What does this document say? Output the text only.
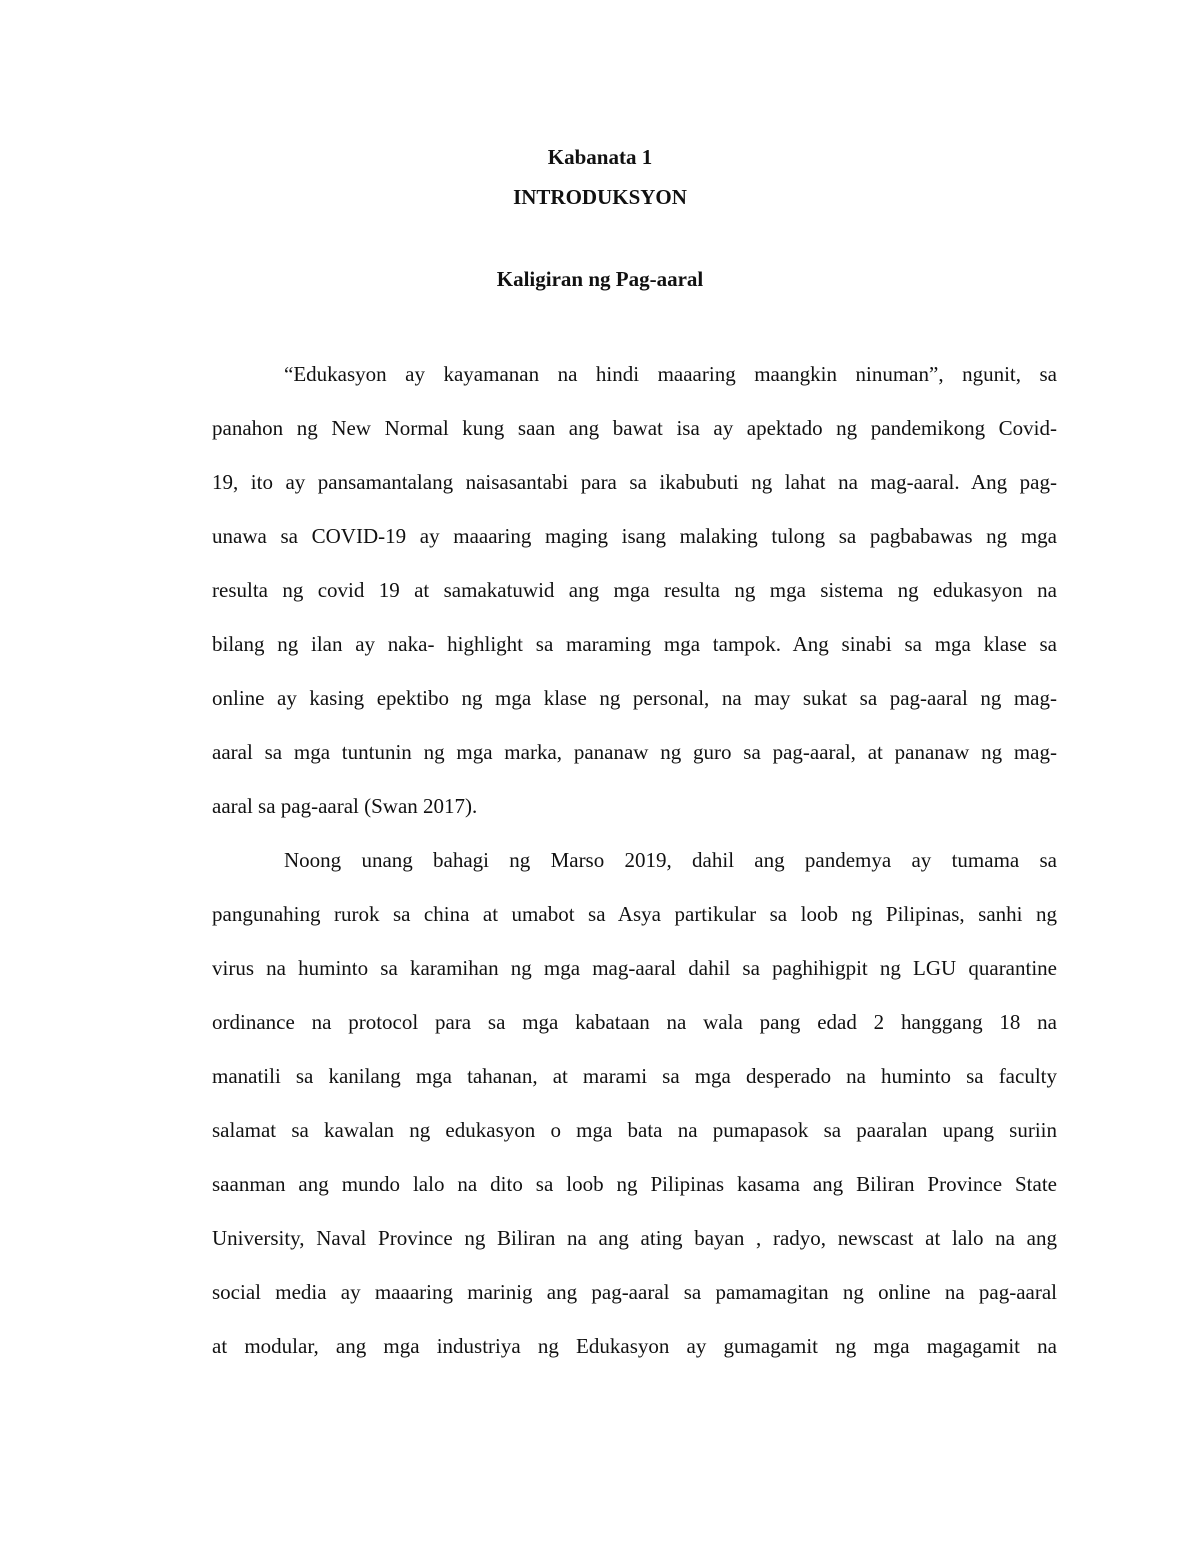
Kabanata 1
INTRODUKSYON
Kaligiran ng Pag-aaral
“Edukasyon ay kayamanan na hindi maaaring maangkin ninuman”, ngunit, sa
panahon ng New Normal kung saan ang bawat isa ay apektado ng pandemikong Covid-
19, ito ay pansamantalang naisasantabi para sa ikabubuti ng lahat na mag-aaral. Ang pag-
unawa sa COVID-19 ay maaaring maging isang malaking tulong sa pagbabawas ng mga
resulta ng covid 19 at samakatuwid ang mga resulta ng mga sistema ng edukasyon na
bilang ng ilan ay naka- highlight sa maraming mga tampok. Ang sinabi sa mga klase sa
online ay kasing epektibo ng mga klase ng personal, na may sukat sa pag-aaral ng mag-
aaral sa mga tuntunin ng mga marka, pananaw ng guro sa pag-aaral, at pananaw ng mag-
aaral sa pag-aaral (Swan 2017).
Noong unang bahagi ng Marso 2019, dahil ang pandemya ay tumama sa
pangunahing rurok sa china at umabot sa Asya partikular sa loob ng Pilipinas, sanhi ng
virus na huminto sa karamihan ng mga mag-aaral dahil sa paghihigpit ng LGU quarantine
ordinance na protocol para sa mga kabataan na wala pang edad 2 hanggang 18 na
manatili sa kanilang mga tahanan, at marami sa mga desperado na huminto sa faculty
salamat sa kawalan ng edukasyon o mga bata na pumapasok sa paaralan upang suriin
saanman ang mundo lalo na dito sa loob ng Pilipinas kasama ang Biliran Province State
University, Naval Province ng Biliran na ang ating bayan , radyo, newscast at lalo na ang
social media ay maaaring marinig ang pag-aaral sa pamamagitan ng online na pag-aaral
at modular, ang mga industriya ng Edukasyon ay gumagamit ng mga magagamit na
